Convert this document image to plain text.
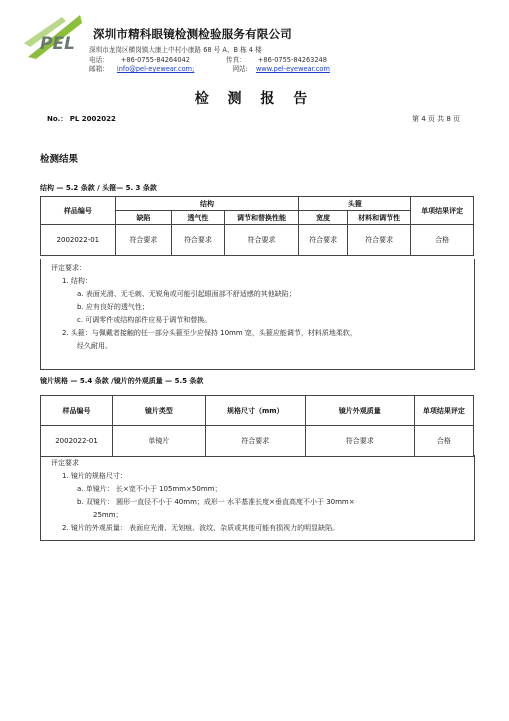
PEL 深圳市精科眼镜检测检验服务有限公司
深圳市龙岗区横岗镇大康上中村小康路 68 号 A、B 栋 4 楼
电话： +86-0755-84264042	传真： +86-0755-84263248
邮箱： info@pel-eyewear.com;	网站: www.pel-eyewear.com
检 测 报 告
No.： PL 2002022	第 4 页 共 8 页
检测结果
结构 — 5.2 条款 / 头箍— 5. 3 条款
样品编号	结构			头箍		单项结果评定
	缺陷	透气性	调节和替换性能	宽度	材料和调节性	
2002022-01	符合要求	符合要求	符合要求	符合要求	符合要求	合格
评定要求：
1. 结构：
a. 表面光滑、无毛刺、无锐角或可能引起眼面部不舒适感的其他缺陷；
b. 应有良好的透气性；
c. 可调零件或结构部件应易于调节和替换。
2. 头箍：与佩戴者接触的任一部分头箍至少应保持 10mm 宽，头箍应能调节，材料质地柔软，
经久耐用。
镜片规格 — 5.4 条款 /镜片的外观质量 — 5.5 条款
样品编号	镜片类型	规格尺寸（mm）	镜片外观质量	单项结果评定
2002022-01	单镜片	符合要求	符合要求	合格
评定要求
1. 镜片的规格尺寸：
a. 单镜片： 长×宽不小于 105mm×50mm；
b. 双镜片： 圆形一直径不小于 40mm；成形一 水平基准长度×垂直高度不小于 30mm×
25mm；
2. 镜片的外观质量： 表面应光滑、无划痕、波纹、杂质或其他可能有损视力的明显缺陷。
